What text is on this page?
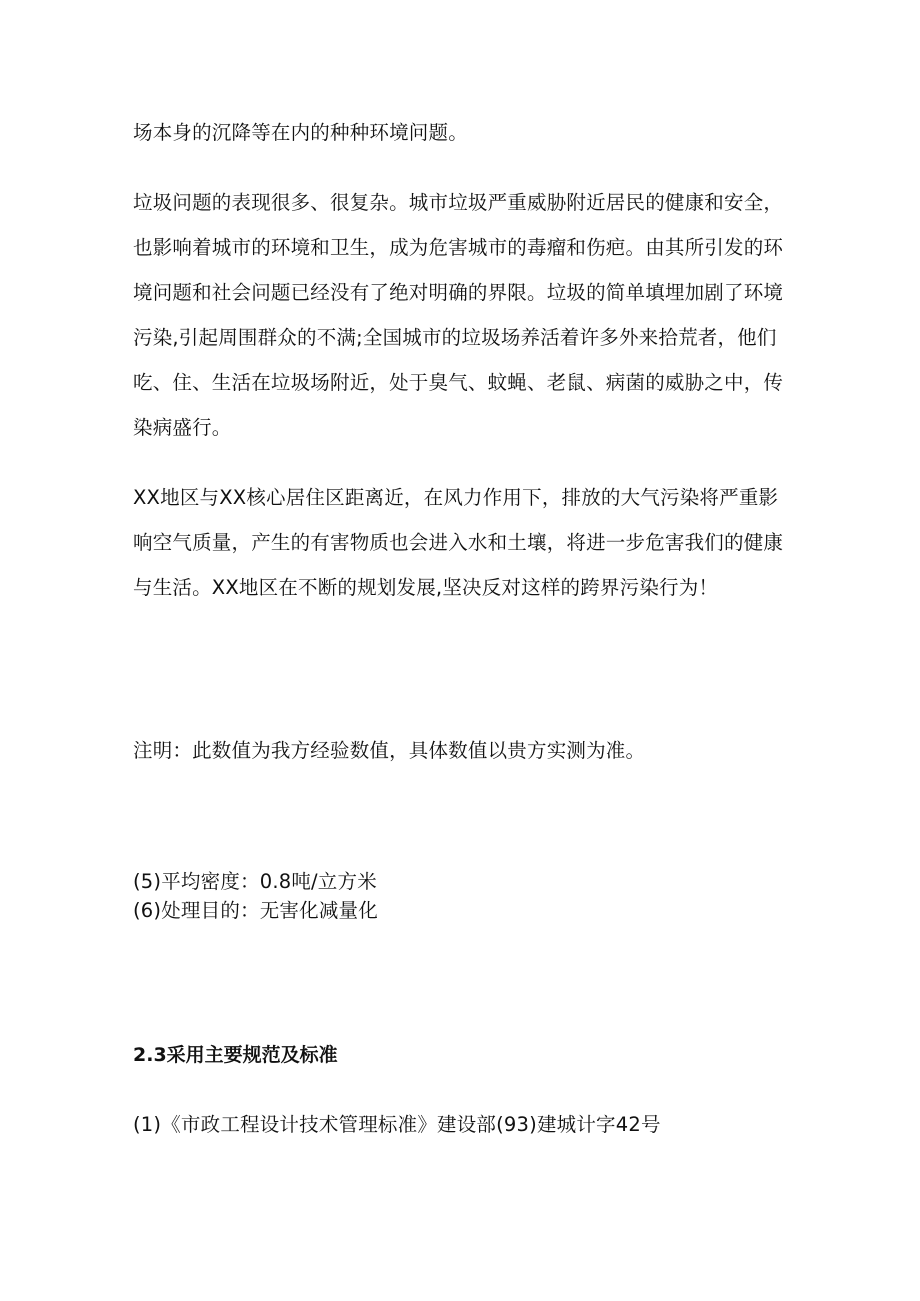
场本身的沉降等在内的种种环境问题。
垃圾问题的表现很多、很复杂。城市垃圾严重威胁附近居民的健康和安全，
也影响着城市的环境和卫生，成为危害城市的毒瘤和伤疤。由其所引发的环
境问题和社会问题已经没有了绝对明确的界限。垃圾的简单填埋加剧了环境
污染,引起周围群众的不满;全国城市的垃圾场养活着许多外来拾荒者，他们
吃、住、生活在垃圾场附近，处于臭气、蚊蝇、老鼠、病菌的威胁之中，传
染病盛行。
XX地区与XX核心居住区距离近，在风力作用下，排放的大气污染将严重影
响空气质量，产生的有害物质也会进入水和土壤，将进一步危害我们的健康
与生活。XX地区在不断的规划发展,坚决反对这样的跨界污染行为！
注明：此数值为我方经验数值，具体数值以贵方实测为准。
(5)平均密度：0.8吨/立方米
(6)处理目的：无害化减量化
2.3采用主要规范及标准
(1)《市政工程设计技术管理标准》建设部(93)建城计字42号
